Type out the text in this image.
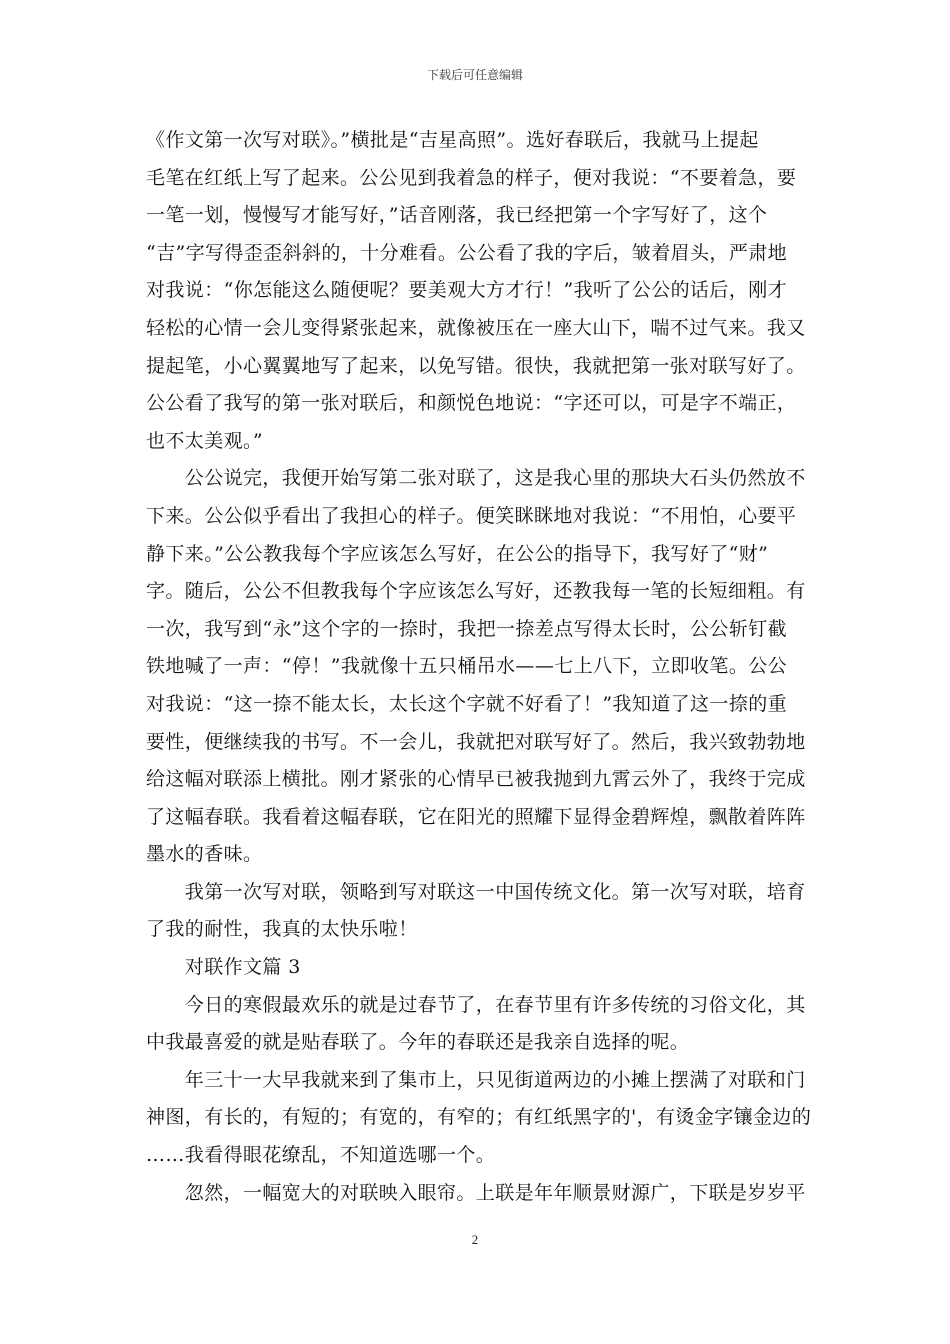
下载后可任意编辑
《作文第一次写对联》。”横批是“吉星高照”。选好春联后，我就马上提起
毛笔在红纸上写了起来。公公见到我着急的样子，便对我说：“不要着急，要
一笔一划，慢慢写才能写好，”话音刚落，我已经把第一个字写好了，这个
“吉”字写得歪歪斜斜的，十分难看。公公看了我的字后，皱着眉头，严肃地
对我说：“你怎能这么随便呢？要美观大方才行！”我听了公公的话后，刚才
轻松的心情一会儿变得紧张起来，就像被压在一座大山下，喘不过气来。我又
提起笔，小心翼翼地写了起来，以免写错。很快，我就把第一张对联写好了。
公公看了我写的第一张对联后，和颜悦色地说：“字还可以，可是字不端正，
也不太美观。”
　　公公说完，我便开始写第二张对联了，这是我心里的那块大石头仍然放不
下来。公公似乎看出了我担心的样子。便笑眯眯地对我说：“不用怕，心要平
静下来。”公公教我每个字应该怎么写好，在公公的指导下，我写好了“财”
字。随后，公公不但教我每个字应该怎么写好，还教我每一笔的长短细粗。有
一次，我写到“永”这个字的一捺时，我把一捺差点写得太长时，公公斩钉截
铁地喊了一声：“停！”我就像十五只桶吊水——七上八下，立即收笔。公公
对我说：“这一捺不能太长，太长这个字就不好看了！”我知道了这一捺的重
要性，便继续我的书写。不一会儿，我就把对联写好了。然后，我兴致勃勃地
给这幅对联添上横批。刚才紧张的心情早已被我抛到九霄云外了，我终于完成
了这幅春联。我看着这幅春联，它在阳光的照耀下显得金碧辉煌，飘散着阵阵
墨水的香味。
　　我第一次写对联，领略到写对联这一中国传统文化。第一次写对联，培育
了我的耐性，我真的太快乐啦！
　　对联作文篇 3
　　今日的寒假最欢乐的就是过春节了，在春节里有许多传统的习俗文化，其
中我最喜爱的就是贴春联了。今年的春联还是我亲自选择的呢。
　　年三十一大早我就来到了集市上，只见街道两边的小摊上摆满了对联和门
神图，有长的，有短的；有宽的，有窄的；有红纸黑字的'，有烫金字镶金边的
……我看得眼花缭乱，不知道选哪一个。
　　忽然，一幅宽大的对联映入眼帘。上联是年年顺景财源广，下联是岁岁平
2
